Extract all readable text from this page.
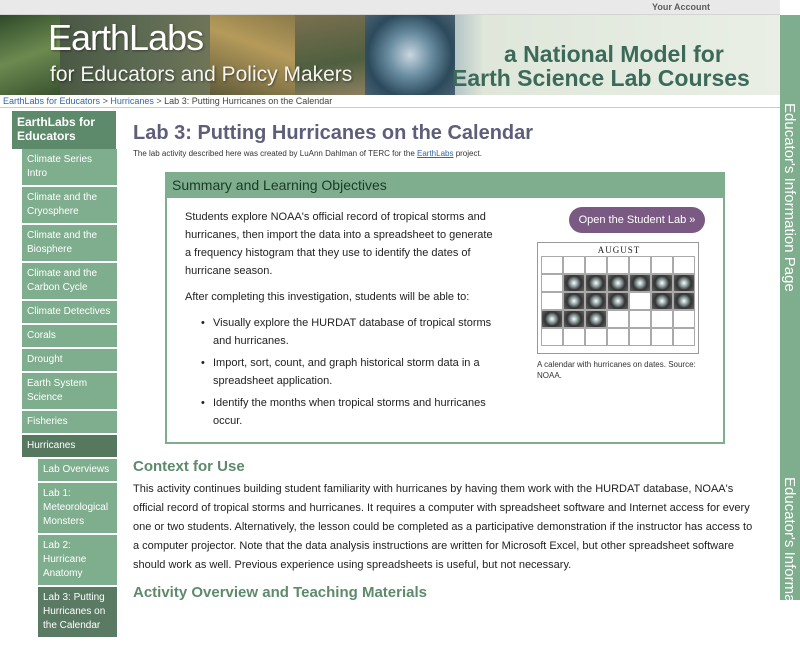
Your Account
EarthLabs
for Educators and Policy Makers
a National Model for
Earth Science Lab Courses
EarthLabs for Educators > Hurricanes > Lab 3: Putting Hurricanes on the Calendar
Educator's Information Page
Educator's Information Page
EarthLabs for Educators
Climate Series Intro
Climate and the Cryosphere
Climate and the Biosphere
Climate and the Carbon Cycle
Climate Detectives
Corals
Drought
Earth System Science
Fisheries
Hurricanes
Lab Overviews
Lab 1: Meteorological Monsters
Lab 2: Hurricane Anatomy
Lab 3: Putting Hurricanes on the Calendar
Lab 3: Putting Hurricanes on the Calendar
The lab activity described here was created by LuAnn Dahlman of TERC for the EarthLabs project.
Summary and Learning Objectives

Students explore NOAA's official record of tropical storms and hurricanes, then import the data into a spreadsheet to generate a frequency histogram that they use to identify the dates of hurricane season.

After completing this investigation, students will be able to:

• Visually explore the HURDAT database of tropical storms and hurricanes.
• Import, sort, count, and graph historical storm data in a spreadsheet application.
• Identify the months when tropical storms and hurricanes occur.
Open the Student Lab »
AUGUST
A calendar with hurricanes on dates. Source: NOAA.
Context for Use

This activity continues building student familiarity with hurricanes by having them work with the HURDAT database, NOAA's official record of tropical storms and hurricanes. It requires a computer with spreadsheet software and Internet access for every one or two students. Alternatively, the lesson could be completed as a participative demonstration if the instructor has access to a computer projector. Note that the data analysis instructions are written for Microsoft Excel, but other spreadsheet software should work as well. Previous experience using spreadsheets is useful, but not necessary.

Activity Overview and Teaching Materials
